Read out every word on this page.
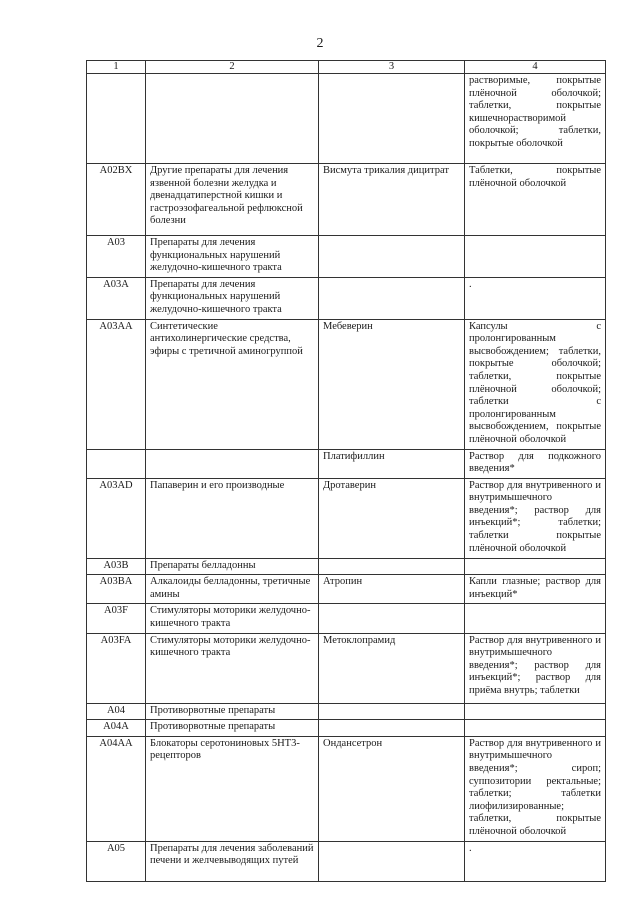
2
1	2	3	4
			растворимые, покрытые плёночной оболочкой; таблетки, покрытые кишечнорастворимой оболочкой; таблетки, покрытые оболочкой
A02BX	Другие препараты для лечения язвенной болезни желудка и двенадцатиперстной кишки и гастроэзофагеальной рефлюксной болезни	Висмута трикалия дицитрат	Таблетки, покрытые плёночной оболочкой
A03	Препараты для лечения функциональных нарушений желудочно-кишечного тракта		
A03A	Препараты для лечения функциональных нарушений желудочно-кишечного тракта		.
A03AA	Синтетические антихолинергические средства, эфиры с третичной аминогруппой	Мебеверин	Капсулы с пролонгированным высвобождением; таблетки, покрытые оболочкой; таблетки, покрытые плёночной оболочкой; таблетки с пролонгированным высвобождением, покрытые плёночной оболочкой
		Платифиллин	Раствор для подкожного введения*
A03AD	Папаверин и его производные	Дротаверин	Раствор для внутривенного и внутримышечного введения*; раствор для инъекций*; таблетки; таблетки покрытые плёночной оболочкой
A03B	Препараты белладонны		
A03BA	Алкалоиды белладонны, третичные амины	Атропин	Капли глазные; раствор для инъекций*
A03F	Стимуляторы моторики желудочно-кишечного тракта		
A03FA	Стимуляторы моторики желудочно-кишечного тракта	Метоклопрамид	Раствор для внутривенного и внутримышечного введения*; раствор для инъекций*; раствор для приёма внутрь; таблетки
A04	Противорвотные препараты		
A04A	Противорвотные препараты		
A04AA	Блокаторы серотониновых 5HT3-рецепторов	Ондансетрон	Раствор для внутривенного и внутримышечного введения*; сироп; суппозитории ректальные; таблетки; таблетки лиофилизированные; таблетки, покрытые плёночной оболочкой
A05	Препараты для лечения заболеваний печени и желчевыводящих путей		.
